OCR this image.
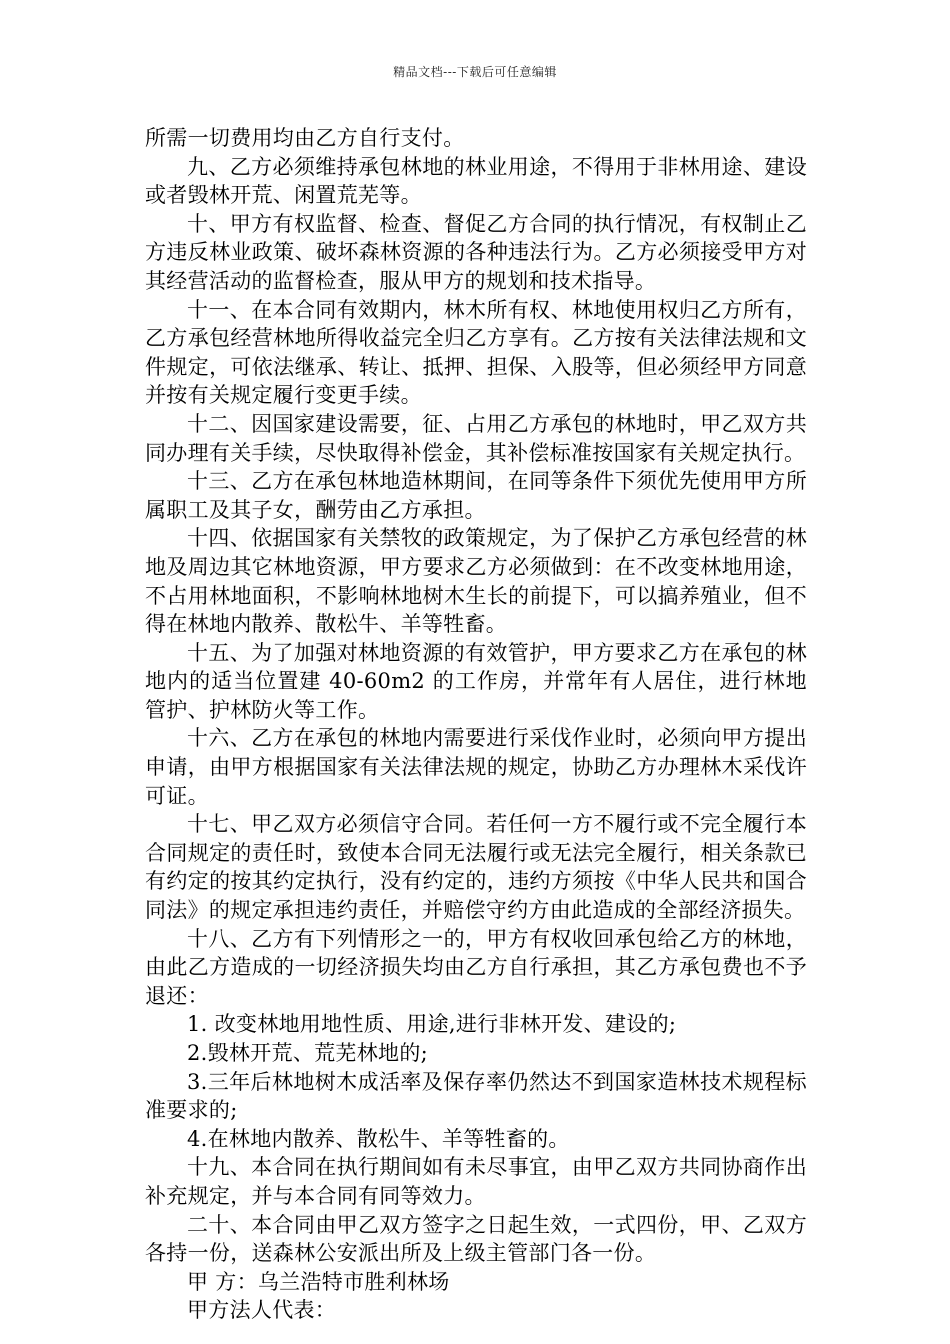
精品文档---下载后可任意编辑

所需一切费用均由乙方自行支付。

九、乙方必须维持承包林地的林业用途，不得用于非林用途、建设或者毁林开荒、闲置荒芜等。

十、甲方有权监督、检查、督促乙方合同的执行情况，有权制止乙方违反林业政策、破坏森林资源的各种违法行为。乙方必须接受甲方对其经营活动的监督检查，服从甲方的规划和技术指导。

十一、在本合同有效期内，林木所有权、林地使用权归乙方所有，乙方承包经营林地所得收益完全归乙方享有。乙方按有关法律法规和文件规定，可依法继承、转让、抵押、担保、入股等，但必须经甲方同意并按有关规定履行变更手续。

十二、因国家建设需要，征、占用乙方承包的林地时，甲乙双方共同办理有关手续，尽快取得补偿金，其补偿标准按国家有关规定执行。

十三、乙方在承包林地造林期间，在同等条件下须优先使用甲方所属职工及其子女，酬劳由乙方承担。

十四、依据国家有关禁牧的政策规定，为了保护乙方承包经营的林地及周边其它林地资源，甲方要求乙方必须做到：在不改变林地用途，不占用林地面积，不影响林地树木生长的前提下，可以搞养殖业，但不得在林地内散养、散松牛、羊等牲畜。

十五、为了加强对林地资源的有效管护，甲方要求乙方在承包的林地内的适当位置建 40-60m2 的工作房，并常年有人居住，进行林地管护、护林防火等工作。

十六、乙方在承包的林地内需要进行采伐作业时，必须向甲方提出申请，由甲方根据国家有关法律法规的规定，协助乙方办理林木采伐许可证。

十七、甲乙双方必须信守合同。若任何一方不履行或不完全履行本合同规定的责任时，致使本合同无法履行或无法完全履行，相关条款已有约定的按其约定执行，没有约定的，违约方须按《中华人民共和国合同法》的规定承担违约责任，并赔偿守约方由此造成的全部经济损失。

十八、乙方有下列情形之一的，甲方有权收回承包给乙方的林地，由此乙方造成的一切经济损失均由乙方自行承担，其乙方承包费也不予退还：

1. 改变林地用地性质、用途,进行非林开发、建设的;

2.毁林开荒、荒芜林地的;

3.三年后林地树木成活率及保存率仍然达不到国家造林技术规程标准要求的;

4.在林地内散养、散松牛、羊等牲畜的。

十九、本合同在执行期间如有未尽事宜，由甲乙双方共同协商作出补充规定，并与本合同有同等效力。

二十、本合同由甲乙双方签字之日起生效，一式四份，甲、乙双方各持一份，送森林公安派出所及上级主管部门各一份。

甲 方：乌兰浩特市胜利林场

甲方法人代表：
